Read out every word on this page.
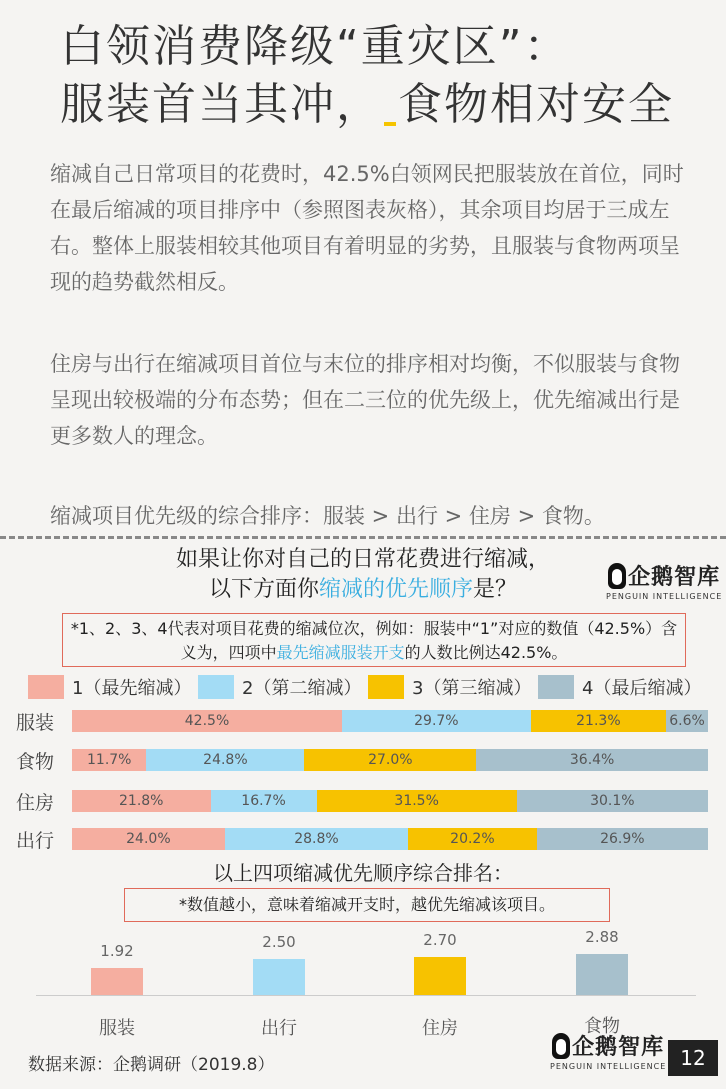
白领消费降级“重灾区”：
服装首当其冲， 食物相对安全
缩减自己日常项目的花费时，42.5%白领网民把服装放在首位，同时在最后缩减的项目排序中（参照图表灰格），其余项目均居于三成左右。整体上服装相较其他项目有着明显的劣势，且服装与食物两项呈现的趋势截然相反。
住房与出行在缩减项目首位与末位的排序相对均衡，不似服装与食物呈现出较极端的分布态势；但在二三位的优先级上，优先缩减出行是更多数人的理念。
缩减项目优先级的综合排序：服装 > 出行 > 住房 > 食物。
如果让你对自己的日常花费进行缩减，
以下方面你缩减的优先顺序是？	企鹅智库
PENGUIN INTELLIGENCE
*1、2、3、4代表对项目花费的缩减位次，例如：服装中“1”对应的数值（42.5%）含义为，四项中最先缩减服装开支的人数比例达42.5%。
1（最先缩减）	2（第二缩减）	3（第三缩减）	4（最后缩减）
服装	42.5%	29.7%	21.3%	6.6%
食物	11.7%	24.8%	27.0%	36.4%
住房	21.8%	16.7%	31.5%	30.1%
出行	24.0%	28.8%	20.2%	26.9%
以上四项缩减优先顺序综合排名：
*数值越小，意味着缩减开支时，越优先缩减该项目。
1.92
服装
2.50
出行
2.70
住房
2.88
食物
数据来源：企鹅调研（2019.8）
企鹅智库
PENGUIN INTELLIGENCE 12
